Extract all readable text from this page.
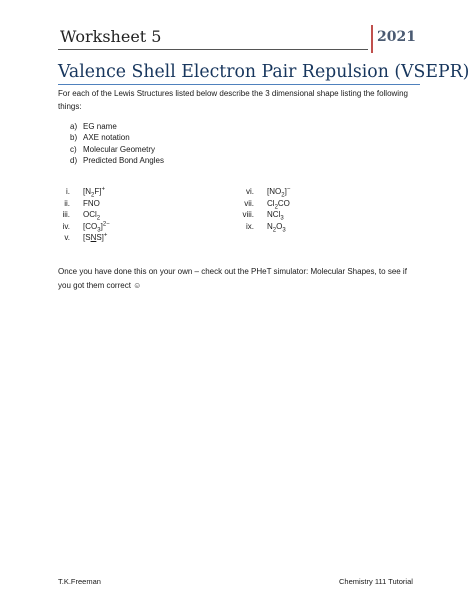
Worksheet 5	2021
Valence Shell Electron Pair Repulsion (VSEPR)
For each of the Lewis Structures listed below describe the 3 dimensional shape listing the following things:
a) EG name
b) AXE notation
c) Molecular Geometry
d) Predicted Bond Angles
i. $[N_2F]^+$
ii. FNO
iii. OCl$_2$
iv. $[CO_3]^{2-}$
v. [SNS]+
vi. $[NO_2]^-$
vii. $Cl_2CO$
viii. NCl$_3$
ix. $N_2O_3$
Once you have done this on your own – check out the PHeT simulator: Molecular Shapes, to see if you got them correct ☺
T.K.Freeman	Chemistry 111 Tutorial
